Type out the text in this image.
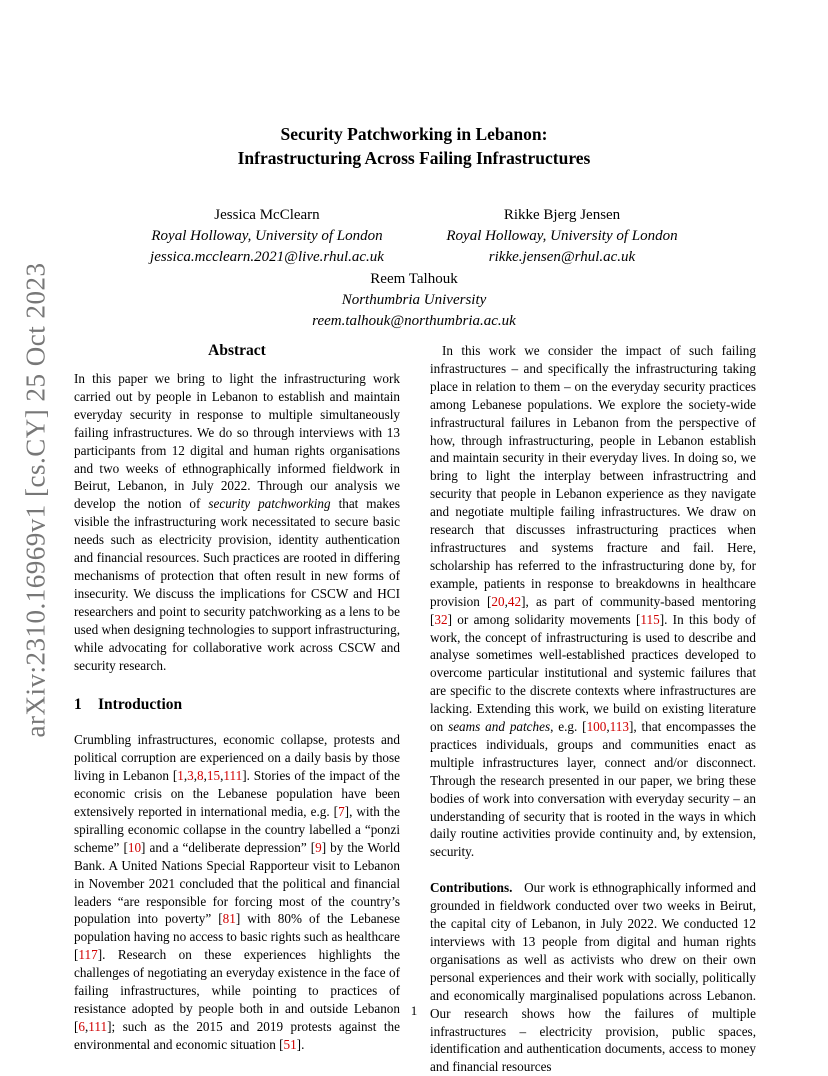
arXiv:2310.16969v1 [cs.CY] 25 Oct 2023
Security Patchworking in Lebanon:
Infrastructuring Across Failing Infrastructures
Jessica McClearn
Royal Holloway, University of London
jessica.mcclearn.2021@live.rhul.ac.uk
Rikke Bjerg Jensen
Royal Holloway, University of London
rikke.jensen@rhul.ac.uk
Reem Talhouk
Northumbria University
reem.talhouk@northumbria.ac.uk
Abstract

In this paper we bring to light the infrastructuring work carried out by people in Lebanon to establish and maintain everyday security in response to multiple simultaneously failing infrastructures. We do so through interviews with 13 participants from 12 digital and human rights organisations and two weeks of ethnographically informed fieldwork in Beirut, Lebanon, in July 2022. Through our analysis we develop the notion of security patchworking that makes visible the infrastructuring work necessitated to secure basic needs such as electricity provision, identity authentication and financial resources. Such practices are rooted in differing mechanisms of protection that often result in new forms of insecurity. We discuss the implications for CSCW and HCI researchers and point to security patchworking as a lens to be used when designing technologies to support infrastructuring, while advocating for collaborative work across CSCW and security research.

1 Introduction

Crumbling infrastructures, economic collapse, protests and political corruption are experienced on a daily basis by those living in Lebanon [1,3,8,15,111]. Stories of the impact of the economic crisis on the Lebanese population have been extensively reported in international media, e.g. [7], with the spiralling economic collapse in the country labelled a “ponzi scheme” [10] and a “deliberate depression” [9] by the World Bank. A United Nations Special Rapporteur visit to Lebanon in November 2021 concluded that the political and financial leaders “are responsible for forcing most of the country’s population into poverty” [81] with 80% of the Lebanese population having no access to basic rights such as healthcare [117]. Research on these experiences highlights the challenges of negotiating an everyday existence in the face of failing infrastructures, while pointing to practices of resistance adopted by people both in and outside Lebanon [6,111]; such as the 2015 and 2019 protests against the environmental and economic situation [51].

In this work we consider the impact of such failing infrastructures – and specifically the infrastructuring taking place in relation to them – on the everyday security practices among Lebanese populations. We explore the society-wide infrastructural failures in Lebanon from the perspective of how, through infrastructuring, people in Lebanon establish and maintain security in their everyday lives. In doing so, we bring to light the interplay between infrastructring and security that people in Lebanon experience as they navigate and negotiate multiple failing infrastructures. We draw on research that discusses infrastructuring practices when infrastructures and systems fracture and fail. Here, scholarship has referred to the infrastructuring done by, for example, patients in response to breakdowns in healthcare provision [20,42], as part of community-based mentoring [32] or among solidarity movements [115]. In this body of work, the concept of infrastructuring is used to describe and analyse sometimes well-established practices developed to overcome particular institutional and systemic failures that are specific to the discrete contexts where infrastructures are lacking. Extending this work, we build on existing literature on seams and patches, e.g. [100,113], that encompasses the practices individuals, groups and communities enact as multiple infrastructures layer, connect and/or disconnect. Through the research presented in our paper, we bring these bodies of work into conversation with everyday security – an understanding of security that is rooted in the ways in which daily routine activities provide continuity and, by extension, security.

Contributions. Our work is ethnographically informed and grounded in fieldwork conducted over two weeks in Beirut, the capital city of Lebanon, in July 2022. We conducted 12 interviews with 13 people from digital and human rights organisations as well as activists who drew on their own personal experiences and their work with socially, politically and economically marginalised populations across Lebanon. Our research shows how the failures of multiple infrastructures – electricity provision, public spaces, identification and authentication documents, access to money and financial resources

1
